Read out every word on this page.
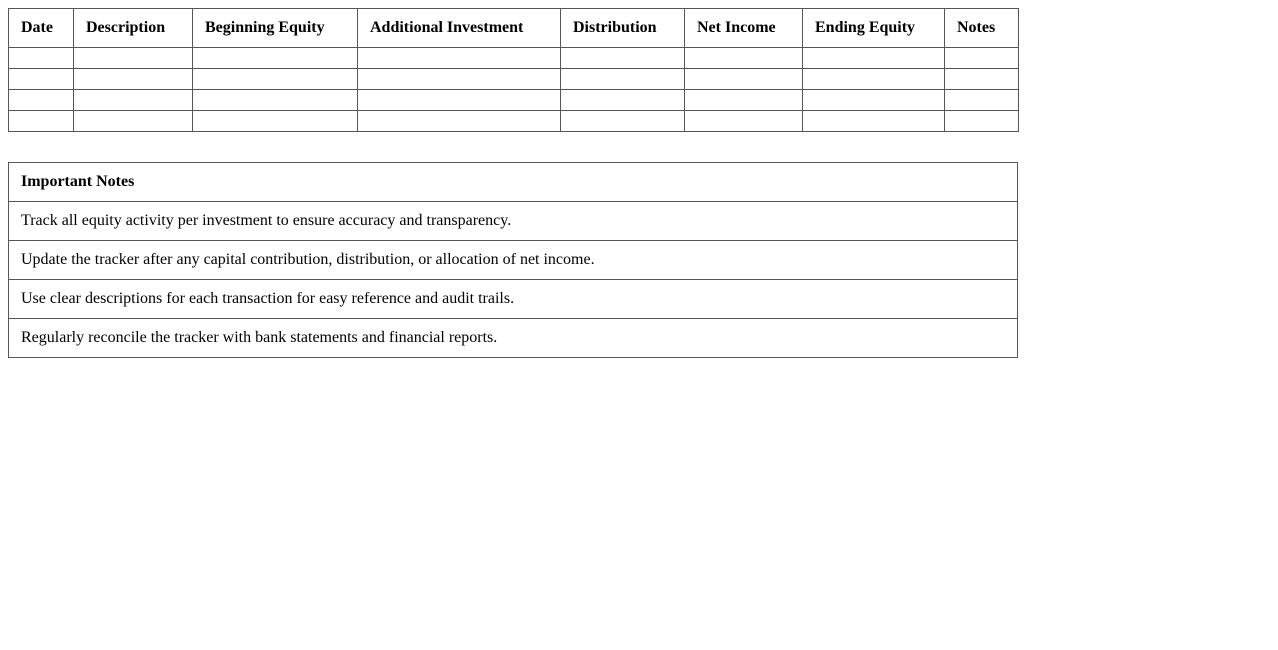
Date	Description	Beginning Equity	Additional Investment	Distribution	Net Income	Ending Equity	Notes

Important Notes
Track all equity activity per investment to ensure accuracy and transparency.
Update the tracker after any capital contribution, distribution, or allocation of net income.
Use clear descriptions for each transaction for easy reference and audit trails.
Regularly reconcile the tracker with bank statements and financial reports.
